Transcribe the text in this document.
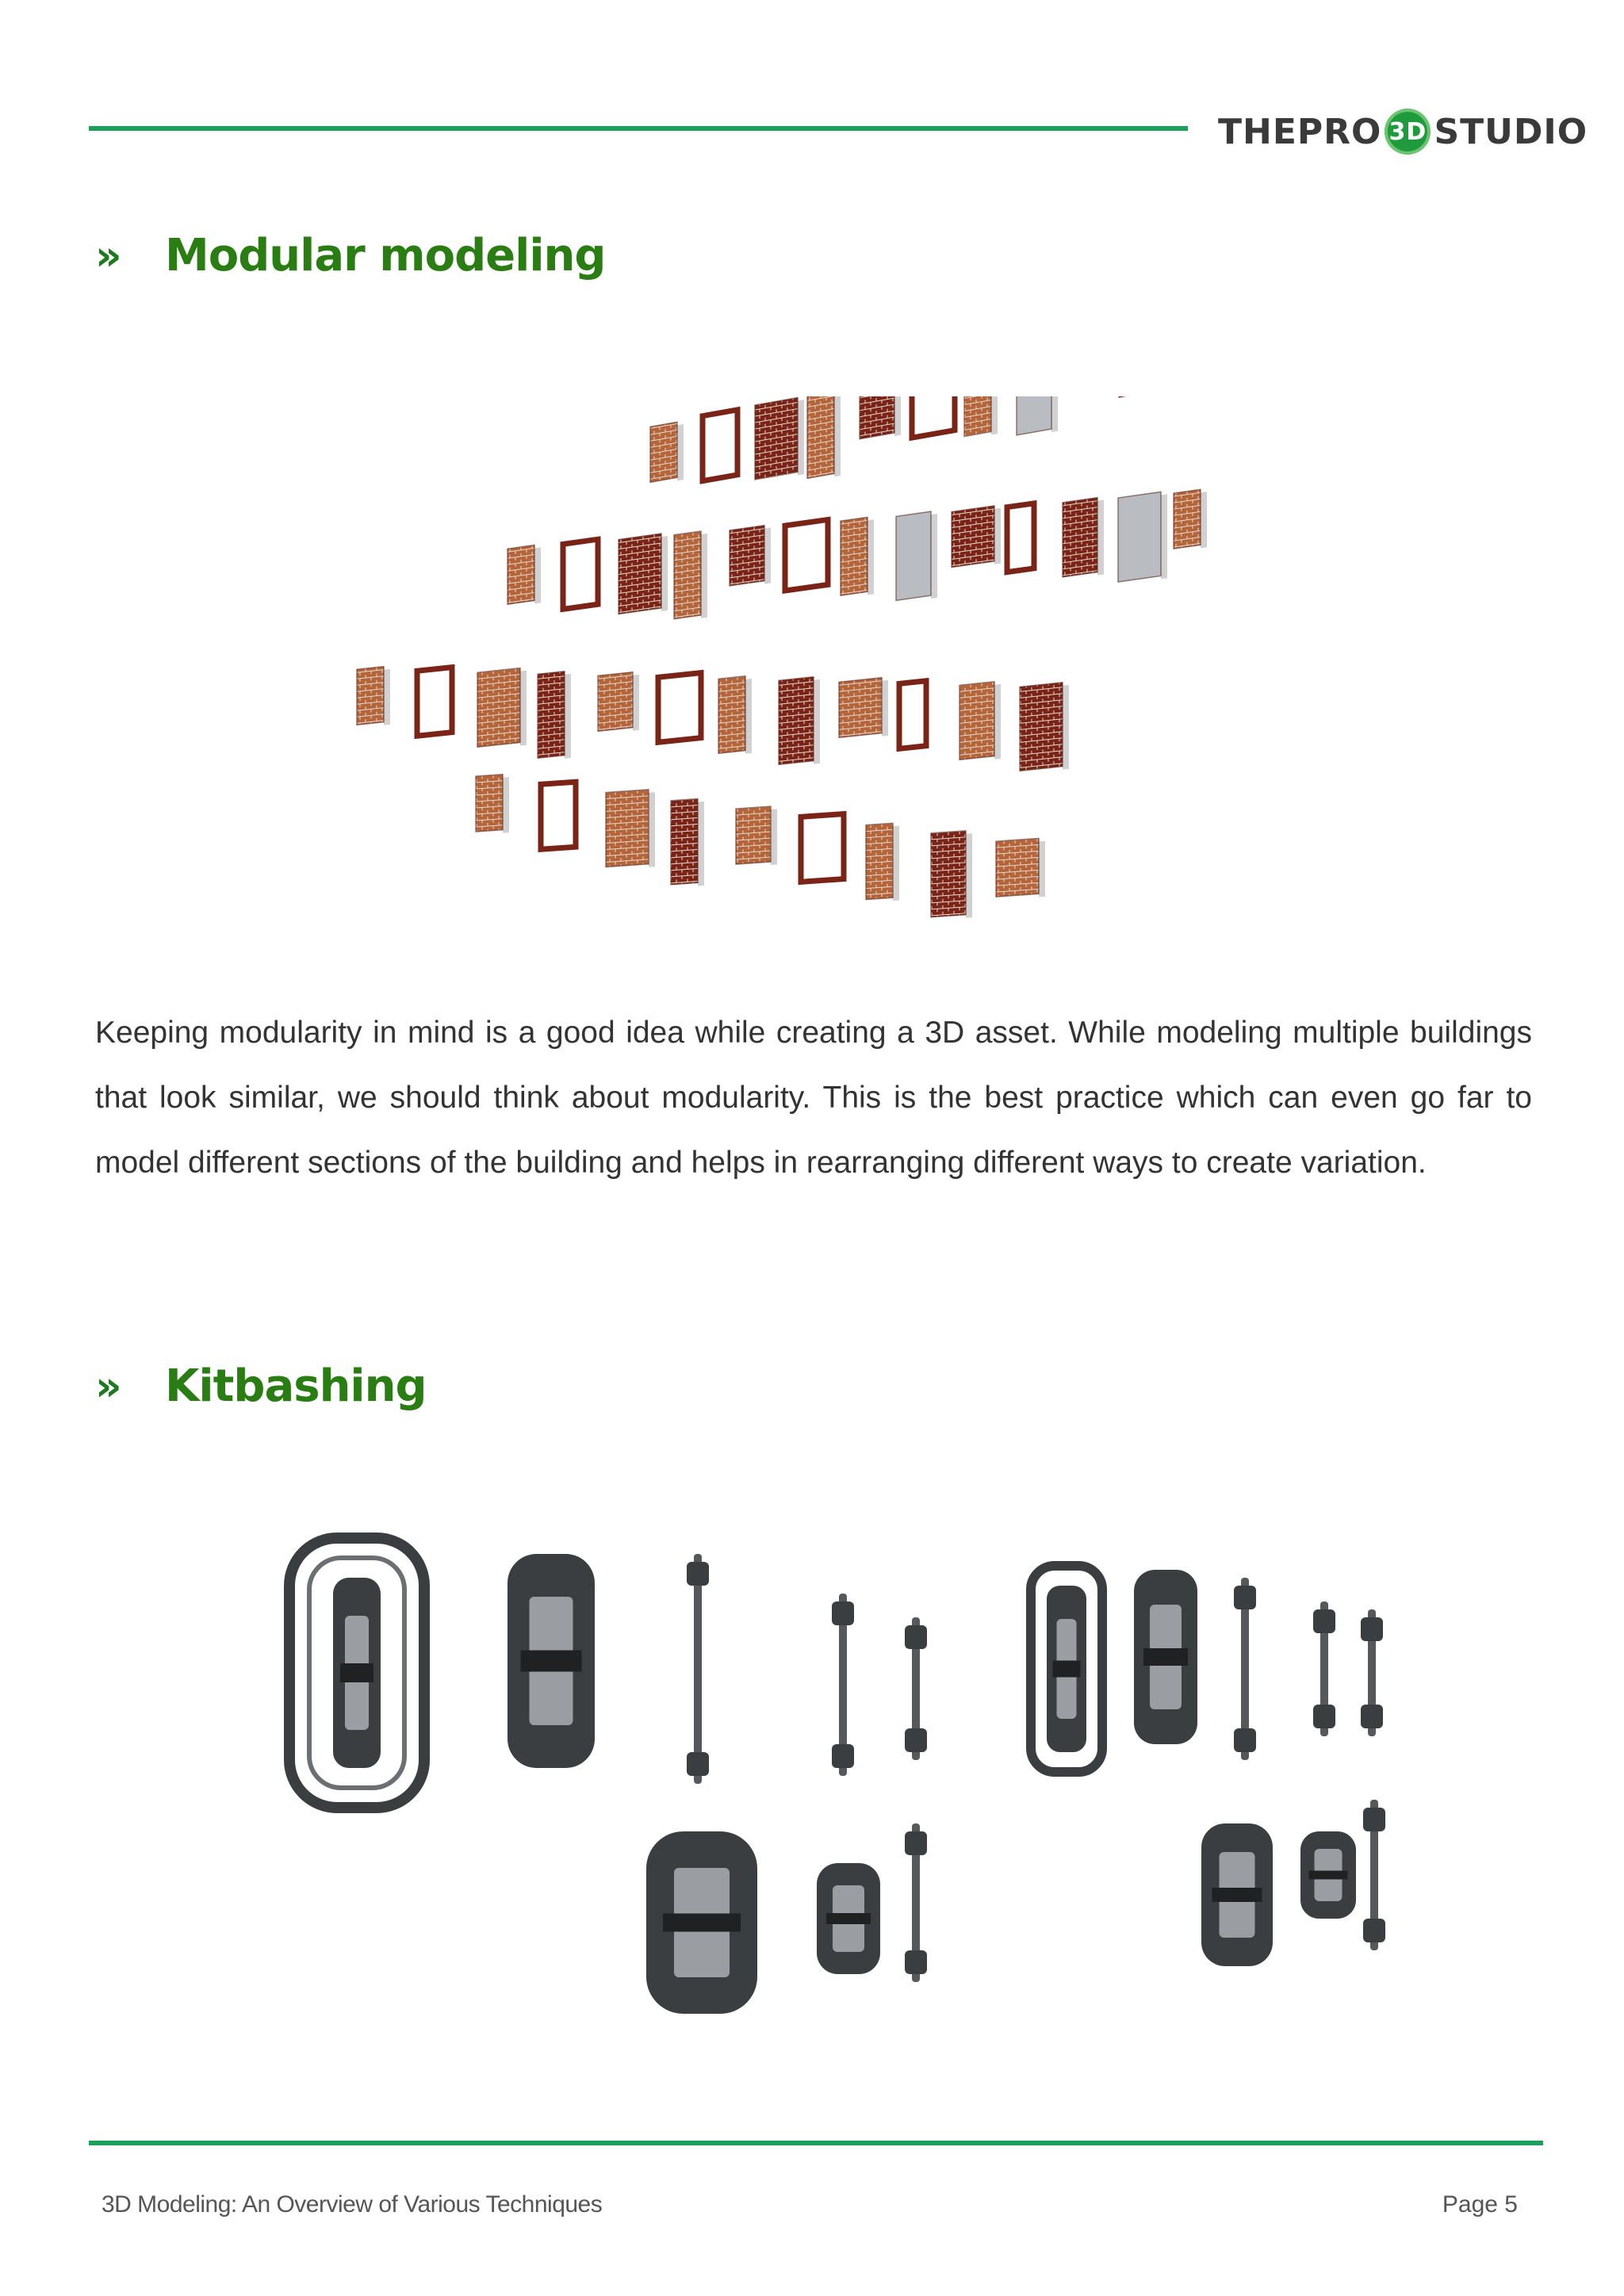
THEPRO 3D STUDIO
» Modular modeling
Keeping modularity in mind is a good idea while creating a 3D asset. While modeling multiple buildings that look similar, we should think about modularity. This is the best practice which can even go far to model different sections of the building and helps in rearranging different ways to create variation.
» Kitbashing
3D Modeling: An Overview of Various Techniques	Page 5
